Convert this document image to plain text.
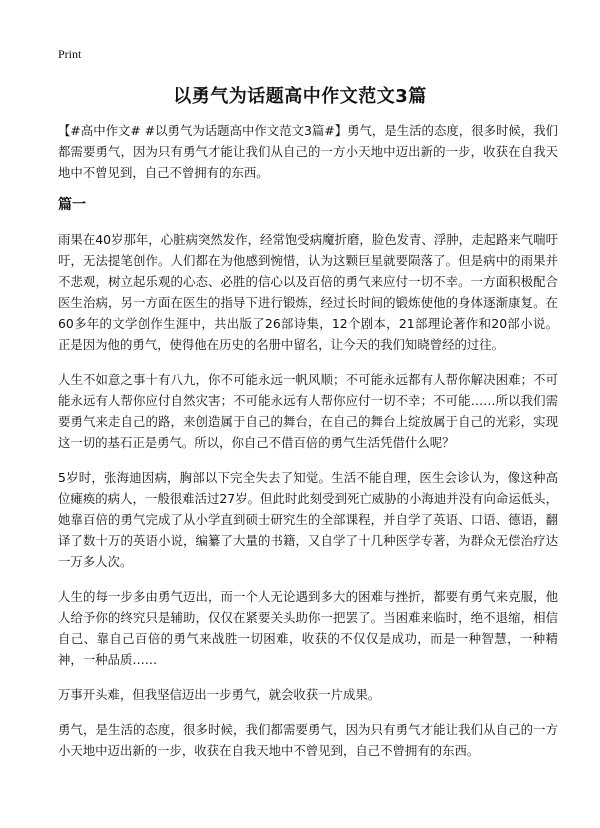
Print
以勇气为话题高中作文范文3篇

【#高中作文# #以勇气为话题高中作文范文3篇#】勇气，是生活的态度，很多时候，我们都需要勇气，因为只有勇气才能让我们从自己的一方小天地中迈出新的一步，收获在自我天地中不曾见到，自己不曾拥有的东西。

篇一

雨果在40岁那年，心脏病突然发作，经常饱受病魔折磨，脸色发青、浮肿，走起路来气喘吁吁，无法提笔创作。人们都在为他感到惋惜，认为这颗巨星就要陨落了。但是病中的雨果并不悲观，树立起乐观的心态、必胜的信心以及百倍的勇气来应付一切不幸。一方面积极配合医生治病，另一方面在医生的指导下进行锻炼，经过长时间的锻炼使他的身体逐渐康复。在60多年的文学创作生涯中，共出版了26部诗集，12个剧本，21部理论著作和20部小说。正是因为他的勇气，使得他在历史的名册中留名，让今天的我们知晓曾经的过往。

人生不如意之事十有八九，你不可能永远一帆风顺；不可能永远都有人帮你解决困难；不可能永远有人帮你应付自然灾害；不可能永远有人帮你应付一切不幸；不可能……所以我们需要勇气来走自己的路，来创造属于自己的舞台，在自己的舞台上绽放属于自己的光彩，实现这一切的基石正是勇气。所以，你自己不借百倍的勇气生活凭借什么呢？

5岁时，张海迪因病，胸部以下完全失去了知觉。生活不能自理，医生会诊认为，像这种高位瘫痪的病人，一般很难活过27岁。但此时此刻受到死亡威胁的小海迪并没有向命运低头，她靠百倍的勇气完成了从小学直到硕士研究生的全部课程，并自学了英语、口语、德语，翻译了数十万的英语小说，编纂了大量的书籍，又自学了十几种医学专著，为群众无偿治疗达一万多人次。

人生的每一步多由勇气迈出，而一个人无论遇到多大的困难与挫折，都要有勇气来克服，他人给予你的终究只是辅助，仅仅在紧要关头助你一把罢了。当困难来临时，绝不退缩，相信自己、靠自己百倍的勇气来战胜一切困难，收获的不仅仅是成功，而是一种智慧，一种精神，一种品质……

万事开头难，但我坚信迈出一步勇气，就会收获一片成果。

勇气，是生活的态度，很多时候，我们都需要勇气，因为只有勇气才能让我们从自己的一方小天地中迈出新的一步，收获在自我天地中不曾见到，自己不曾拥有的东西。
